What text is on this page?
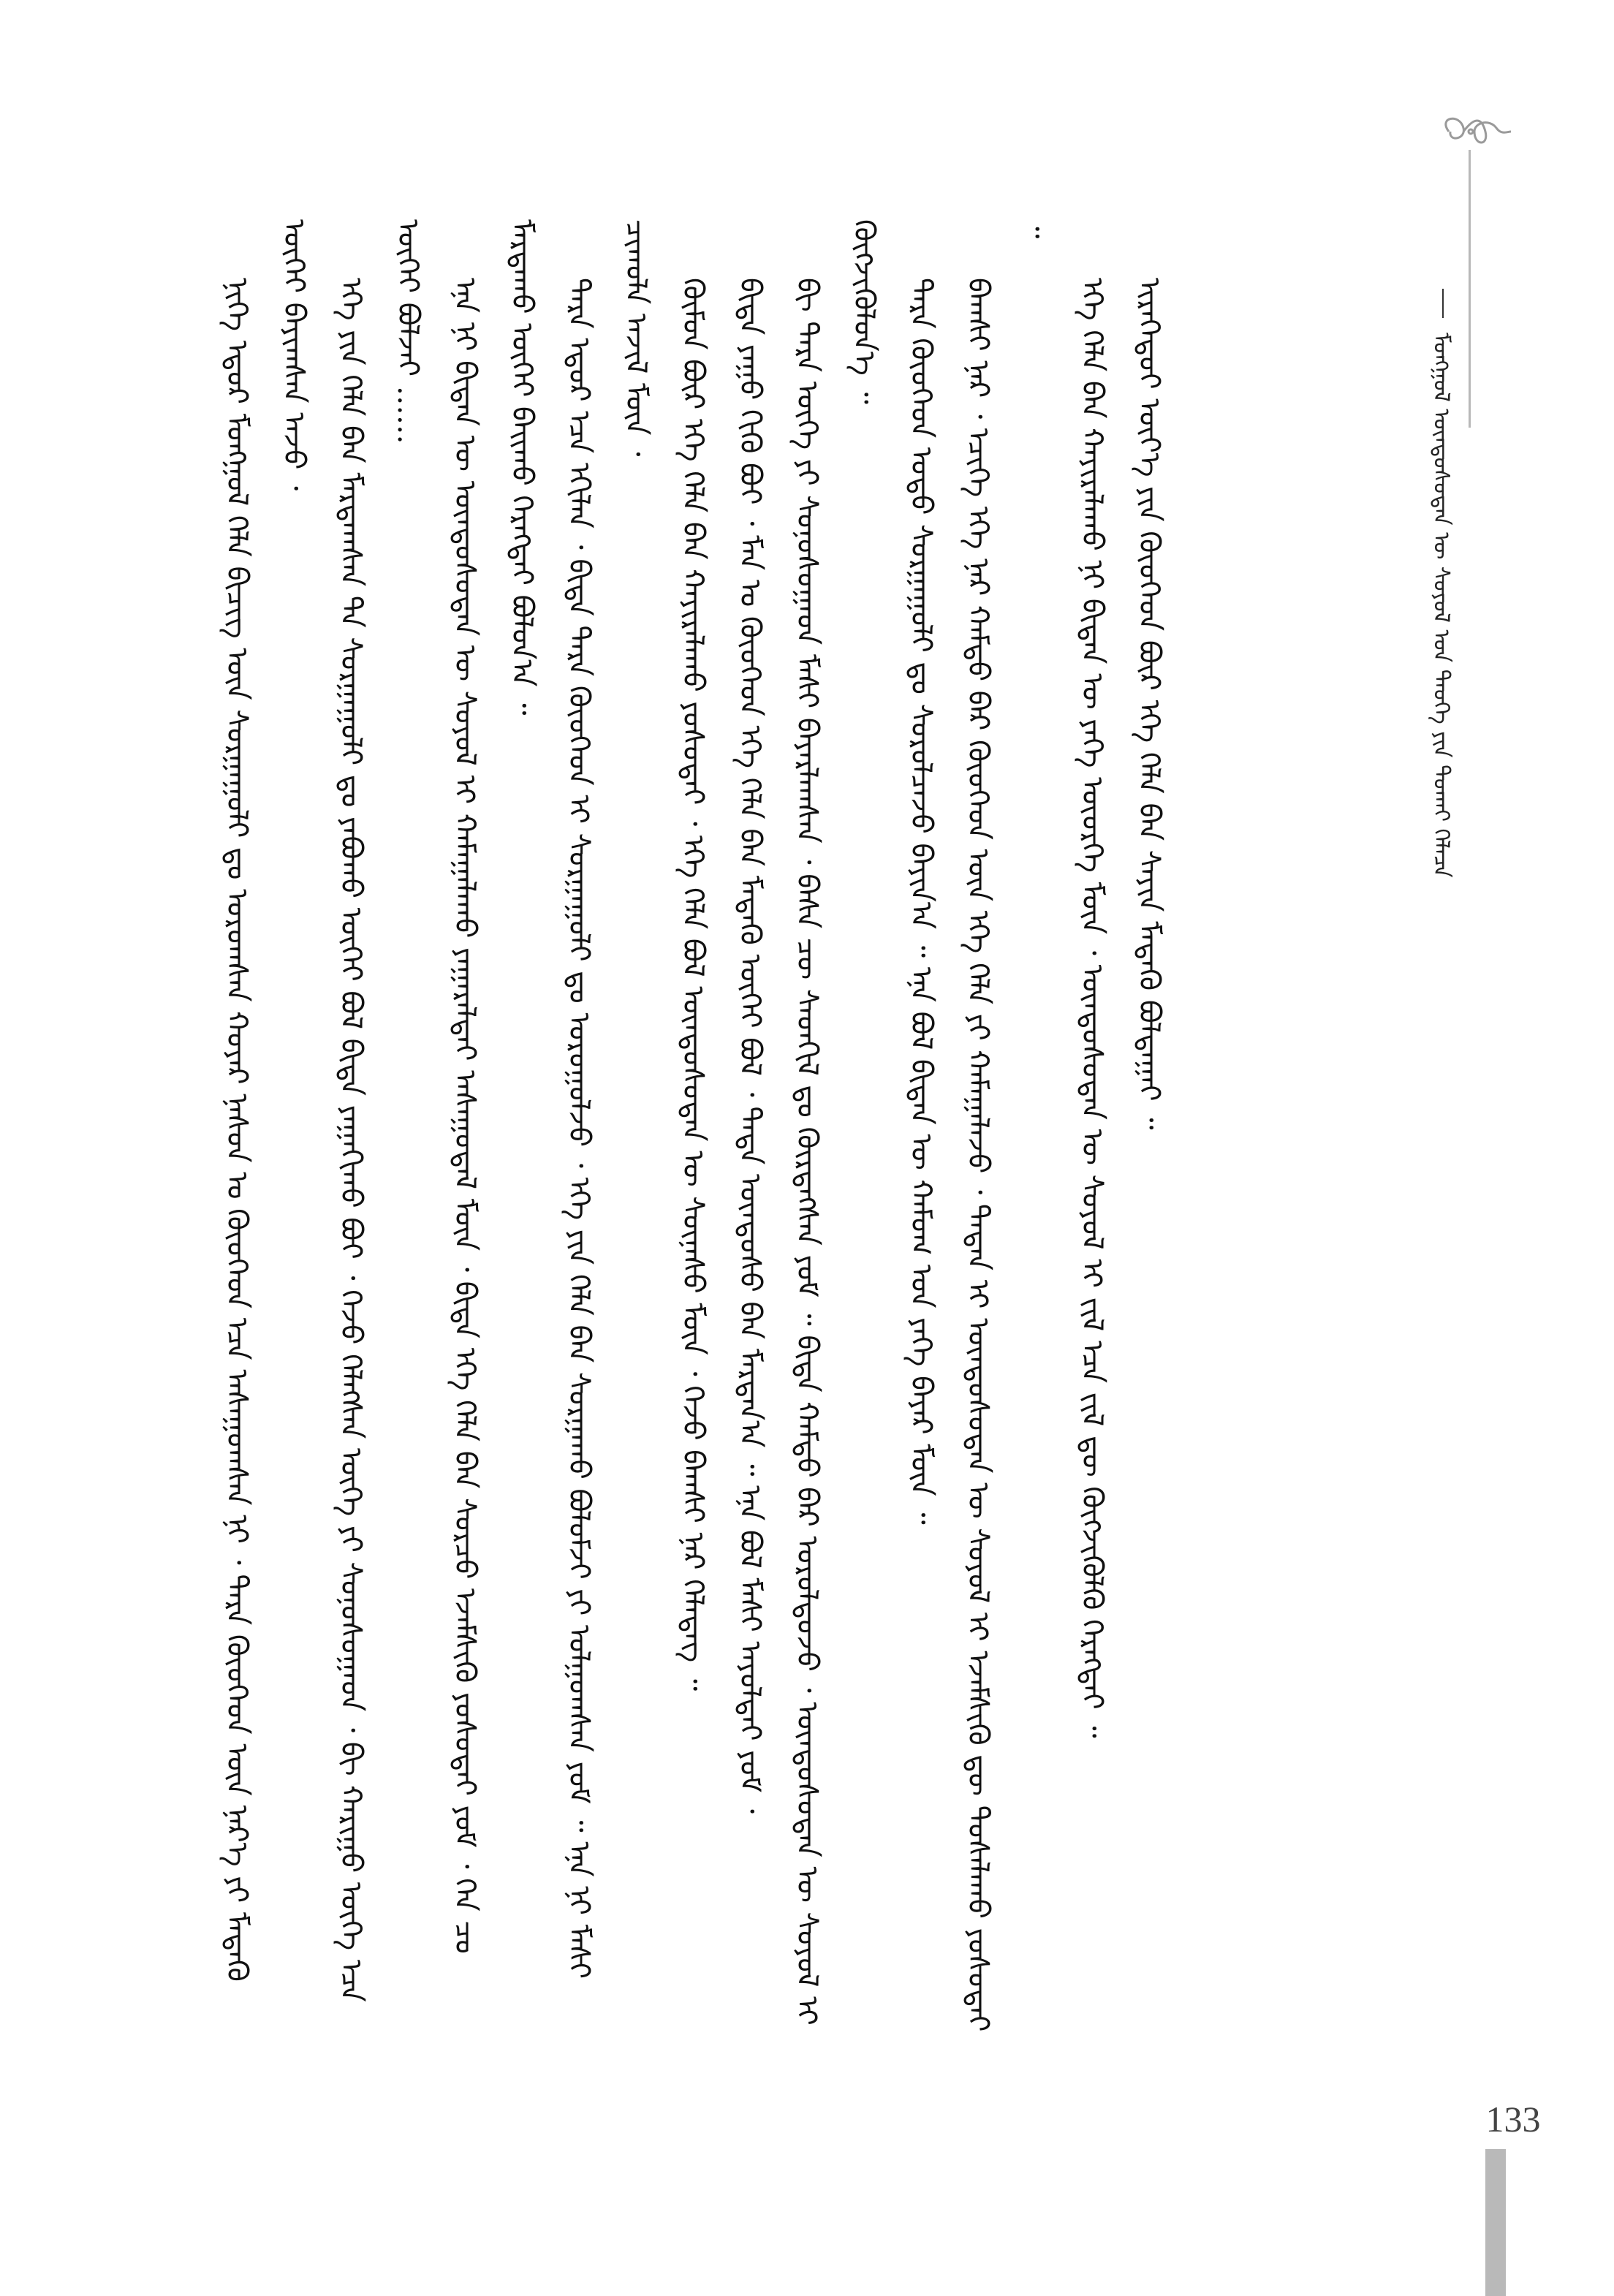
ᠮᠣᠩᠭᠣᠯ ᠦᠨᠳᠦᠰᠦᠲᠡᠨ ᠦ ᠰᠣᠶᠣᠯ ᠤᠨ ᠲᠡᠦᠬᠡ ᠶᠢᠨ ᠲᠤᠬᠠᠢ ᠬᠡᠯᠡᠴᠡ

ᠨᠢᠭᠡ ᠡᠳᠦᠷ ᠮᠣᠩᠭᠣᠯ ᠬᠡᠯᠡ ᠪᠢᠴᠢᠭ ᠦᠨ ᠰᠤᠷᠭᠠᠭᠤᠯᠢ ᠳᠤ ᠣᠷᠣᠭᠰᠠᠨ ᠬᠣᠶᠠᠷ ᠨᠠᠰᠤᠨ ᠤ ᠬᠦᠦᠬᠡᠳ ᠡᠴᠡ ᠠᠰᠠᠭᠤᠭᠰᠠᠨ ᠨᠢ ᠂ ᠲᠡᠷᠡ ᠬᠦᠦᠬᠡᠳ ᠦᠨ ᠨᠡᠷ᠎ᠡ ᠶᠢ ᠮᠡᠳᠡᠬᠦ ᠦᠭᠡᠢ ᠪᠠᠶᠢᠭᠰᠠᠨ ᠠᠵᠤ ᠂ ᠡᠬᠡ ᠶᠢᠨ ᠬᠡᠯᠡ ᠪᠡᠨ ᠮᠠᠷᠳᠠᠭᠰᠠᠨ ᠲᠠ ᠰᠤᠷᠭᠠᠭᠤᠯᠢ ᠳᠤ ᠶᠠᠪᠤᠬᠤ ᠦᠭᠡᠢ ᠪᠣᠯ ᠪᠢᠳᠡ ᠶᠠᠭᠠᠬᠢᠬᠤ ᠪᠤᠢ ᠂ ᠭᠡᠵᠦ ᠬᠡᠯᠡᠭᠰᠡᠨ ᠦᠭᠡ ᠶᠢ ᠰᠣᠨᠣᠰᠤᠭᠠᠳ ᠂ ᠪᠢ ᠬᠠᠷᠢᠭᠤ ᠦᠭᠡ ᠡᠴᠡ ᠦᠭᠡᠢ ᠪᠣᠯᠵᠠᠢ …… ᠡᠨᠡ ᠨᠢ ᠪᠢᠳᠡᠨ ᠦ ᠦᠨᠳᠦᠰᠦᠲᠡᠨ ᠦ ᠰᠣᠶᠣᠯ ᠢ ᠬᠠᠮᠠᠭᠠᠯᠠᠬᠤ ᠶᠠᠭᠠᠷᠠᠯᠲᠠᠢ ᠠᠰᠠᠭᠤᠳᠠᠯ ᠮᠥᠨ ᠂ ᠪᠢᠳᠡ ᠡᠬᠡ ᠬᠡᠯᠡ ᠪᠡᠨ ᠰᠤᠷᠴᠤ ᠡᠵᠡᠮᠰᠢᠬᠦ ᠶᠣᠰᠤᠲᠠᠢ ᠶᠤᠮ ᠂ ᠬᠡᠨ ᠴᠤ ᠮᠠᠷᠳᠠᠬᠤ ᠦᠭᠡᠢ ᠪᠠᠢᠬᠤ ᠬᠡᠷᠡᠭᠲᠡᠢ ᠪᠣᠯᠤᠨ᠎ᠠ ᠃ ᠲᠡᠷᠡ ᠡᠳᠦᠷ ᠡᠴᠡ ᠡᠬᠢᠯᠡᠨ ᠂ ᠪᠢᠳᠡ ᠲᠡᠷᠡ ᠬᠦᠦᠬᠡᠳ ᠢ ᠰᠤᠷᠭᠠᠭᠤᠯᠢ ᠳᠤ ᠣᠷᠤᠭᠤᠯᠵᠤ ᠂ ᠡᠬᠡ ᠶᠢᠨ ᠬᠡᠯᠡ ᠪᠡᠨ ᠰᠤᠷᠭᠠᠬᠤ ᠪᠣᠯᠤᠮᠵᠢ ᠶᠢ ᠣᠯᠭᠣᠭᠰᠠᠨ ᠶᠤᠮ ᠃ ᠡᠨᠡ ᠨᠢ ᠮᠠᠰᠢ ᠴᠢᠬᠤᠯᠠ ᠠᠵᠢᠯ ᠮᠥᠨ ᠂ ᠬᠦᠮᠦᠨ ᠪᠦᠷ ᠡᠬᠡ ᠬᠡᠯᠡ ᠪᠡᠨ ᠬᠠᠶᠢᠷᠠᠯᠠᠬᠤ ᠶᠣᠰᠤᠲᠠᠢ ᠂ ᠡᠬᠡ ᠬᠡᠯᠡ ᠪᠣᠯ ᠦᠨᠳᠦᠰᠦᠲᠡᠨ ᠦ ᠰᠦᠨᠡᠰᠦ ᠮᠥᠨ ᠂ ᠭᠡᠵᠦ ᠪᠠᠭᠰᠢ ᠨᠠᠷ ᠬᠡᠯᠡᠳᠡᠭ ᠃ ᠪᠢᠳᠡ ᠶᠠᠭᠤ ᠬᠢᠬᠦ ᠪᠤᠢ ᠂ ᠮᠠᠨ ᠤ ᠬᠦᠦᠬᠡᠳ ᠡᠬᠡ ᠬᠡᠯᠡ ᠪᠡᠨ ᠮᠡᠳᠡᠬᠦ ᠦᠭᠡᠢ ᠪᠣᠯ ᠂ ᠲᠡᠳᠡ ᠦᠨᠳᠦᠰᠦ ᠪᠡᠨ ᠮᠠᠷᠳᠠᠨ᠎ᠠ ᠃ ᠡᠨᠡ ᠪᠣᠯ ᠮᠠᠰᠢ ᠠᠶᠤᠯᠲᠠᠢ ᠶᠤᠮ ᠂ ᠪᠢ ᠲᠡᠷᠡ ᠦᠭᠡ ᠶᠢ ᠰᠣᠨᠣᠰᠤᠭᠠᠳ ᠮᠠᠰᠢ ᠪᠠᠶᠠᠷᠯᠠᠭᠰᠠᠨ ᠂ ᠪᠠᠰᠠ ᠴᠦ ᠰᠡᠳᠬᠢᠯ ᠳᠤ ᠬᠦᠷᠲᠡᠭᠰᠡᠨ ᠶᠤᠮ ᠃ ᠪᠢᠳᠡ ᠬᠠᠮᠲᠤ ᠪᠡᠷ ᠣᠷᠤᠯᠳᠤᠵᠤ ᠂ ᠦᠨᠳᠦᠰᠦᠲᠡᠨ ᠦ ᠰᠣᠶᠣᠯ ᠢ ᠬᠥᠭᠵᠢᠭᠦᠯᠦᠨ᠎ᠡ ᠃ ᠲᠡᠷᠡ ᠬᠦᠦᠬᠡᠳ ᠣᠳᠣ ᠰᠤᠷᠭᠠᠭᠤᠯᠢ ᠳᠤ ᠰᠤᠷᠤᠯᠴᠠᠵᠤ ᠪᠠᠶᠢᠨ᠎ᠠ ᠃ ᠡᠨᠡ ᠪᠣᠯ ᠪᠢᠳᠡᠨ ᠦ ᠬᠠᠮᠤᠭ ᠤᠨ ᠶᠡᠬᠡ ᠪᠠᠶᠠᠷ ᠮᠥᠨ ᠃ ᠪᠠᠭᠰᠢ ᠨᠠᠷ ᠂ ᠡᠴᠢᠭᠡ ᠡᠬᠡ ᠨᠠᠷ ᠬᠠᠮᠲᠤ ᠪᠡᠷ ᠬᠦᠦᠬᠡᠳ ᠦᠨ ᠡᠬᠡ ᠬᠡᠯᠡ ᠶᠢ ᠬᠠᠮᠠᠭᠠᠯᠠᠵᠤ ᠂ ᠲᠡᠳᠡᠨ ᠢ ᠦᠨᠳᠦᠰᠦᠲᠡᠨ ᠦ ᠰᠣᠶᠣᠯ ᠢ ᠡᠵᠡᠮᠰᠢᠬᠦ ᠳᠦ ᠲᠤᠰᠠᠯᠠᠬᠤ ᠶᠣᠰᠤᠲᠠᠢ ᠃

ᠡᠬᠡ ᠬᠡᠯᠡ ᠪᠡᠨ ᠬᠠᠶᠢᠷᠠᠯᠠᠬᠤ ᠨᠢ ᠪᠢᠳᠡᠨ ᠦ ᠶᠡᠬᠡ ᠦᠦᠷᠭᠡ ᠮᠥᠨ ᠂ ᠦᠨᠳᠦᠰᠦᠲᠡᠨ ᠦ ᠰᠣᠶᠣᠯ ᠢ ᠵᠢᠯ ᠡᠴᠡ ᠵᠢᠯ ᠳᠦ ᠬᠥᠭᠵᠢᠭᠦᠯᠬᠦ ᠬᠡᠷᠡᠭᠲᠡᠢ ᠃ ᠢᠷᠡᠭᠡᠳᠦᠢ ᠦᠶ᠎ᠡ ᠶᠢᠨ ᠬᠦᠦᠬᠡᠳ ᠪᠦᠷ ᠡᠬᠡ ᠬᠡᠯᠡ ᠪᠡᠨ ᠰᠠᠶᠢᠨ ᠮᠡᠳᠡᠬᠦ ᠪᠣᠯᠲᠠᠭᠠᠢ ᠃

133
